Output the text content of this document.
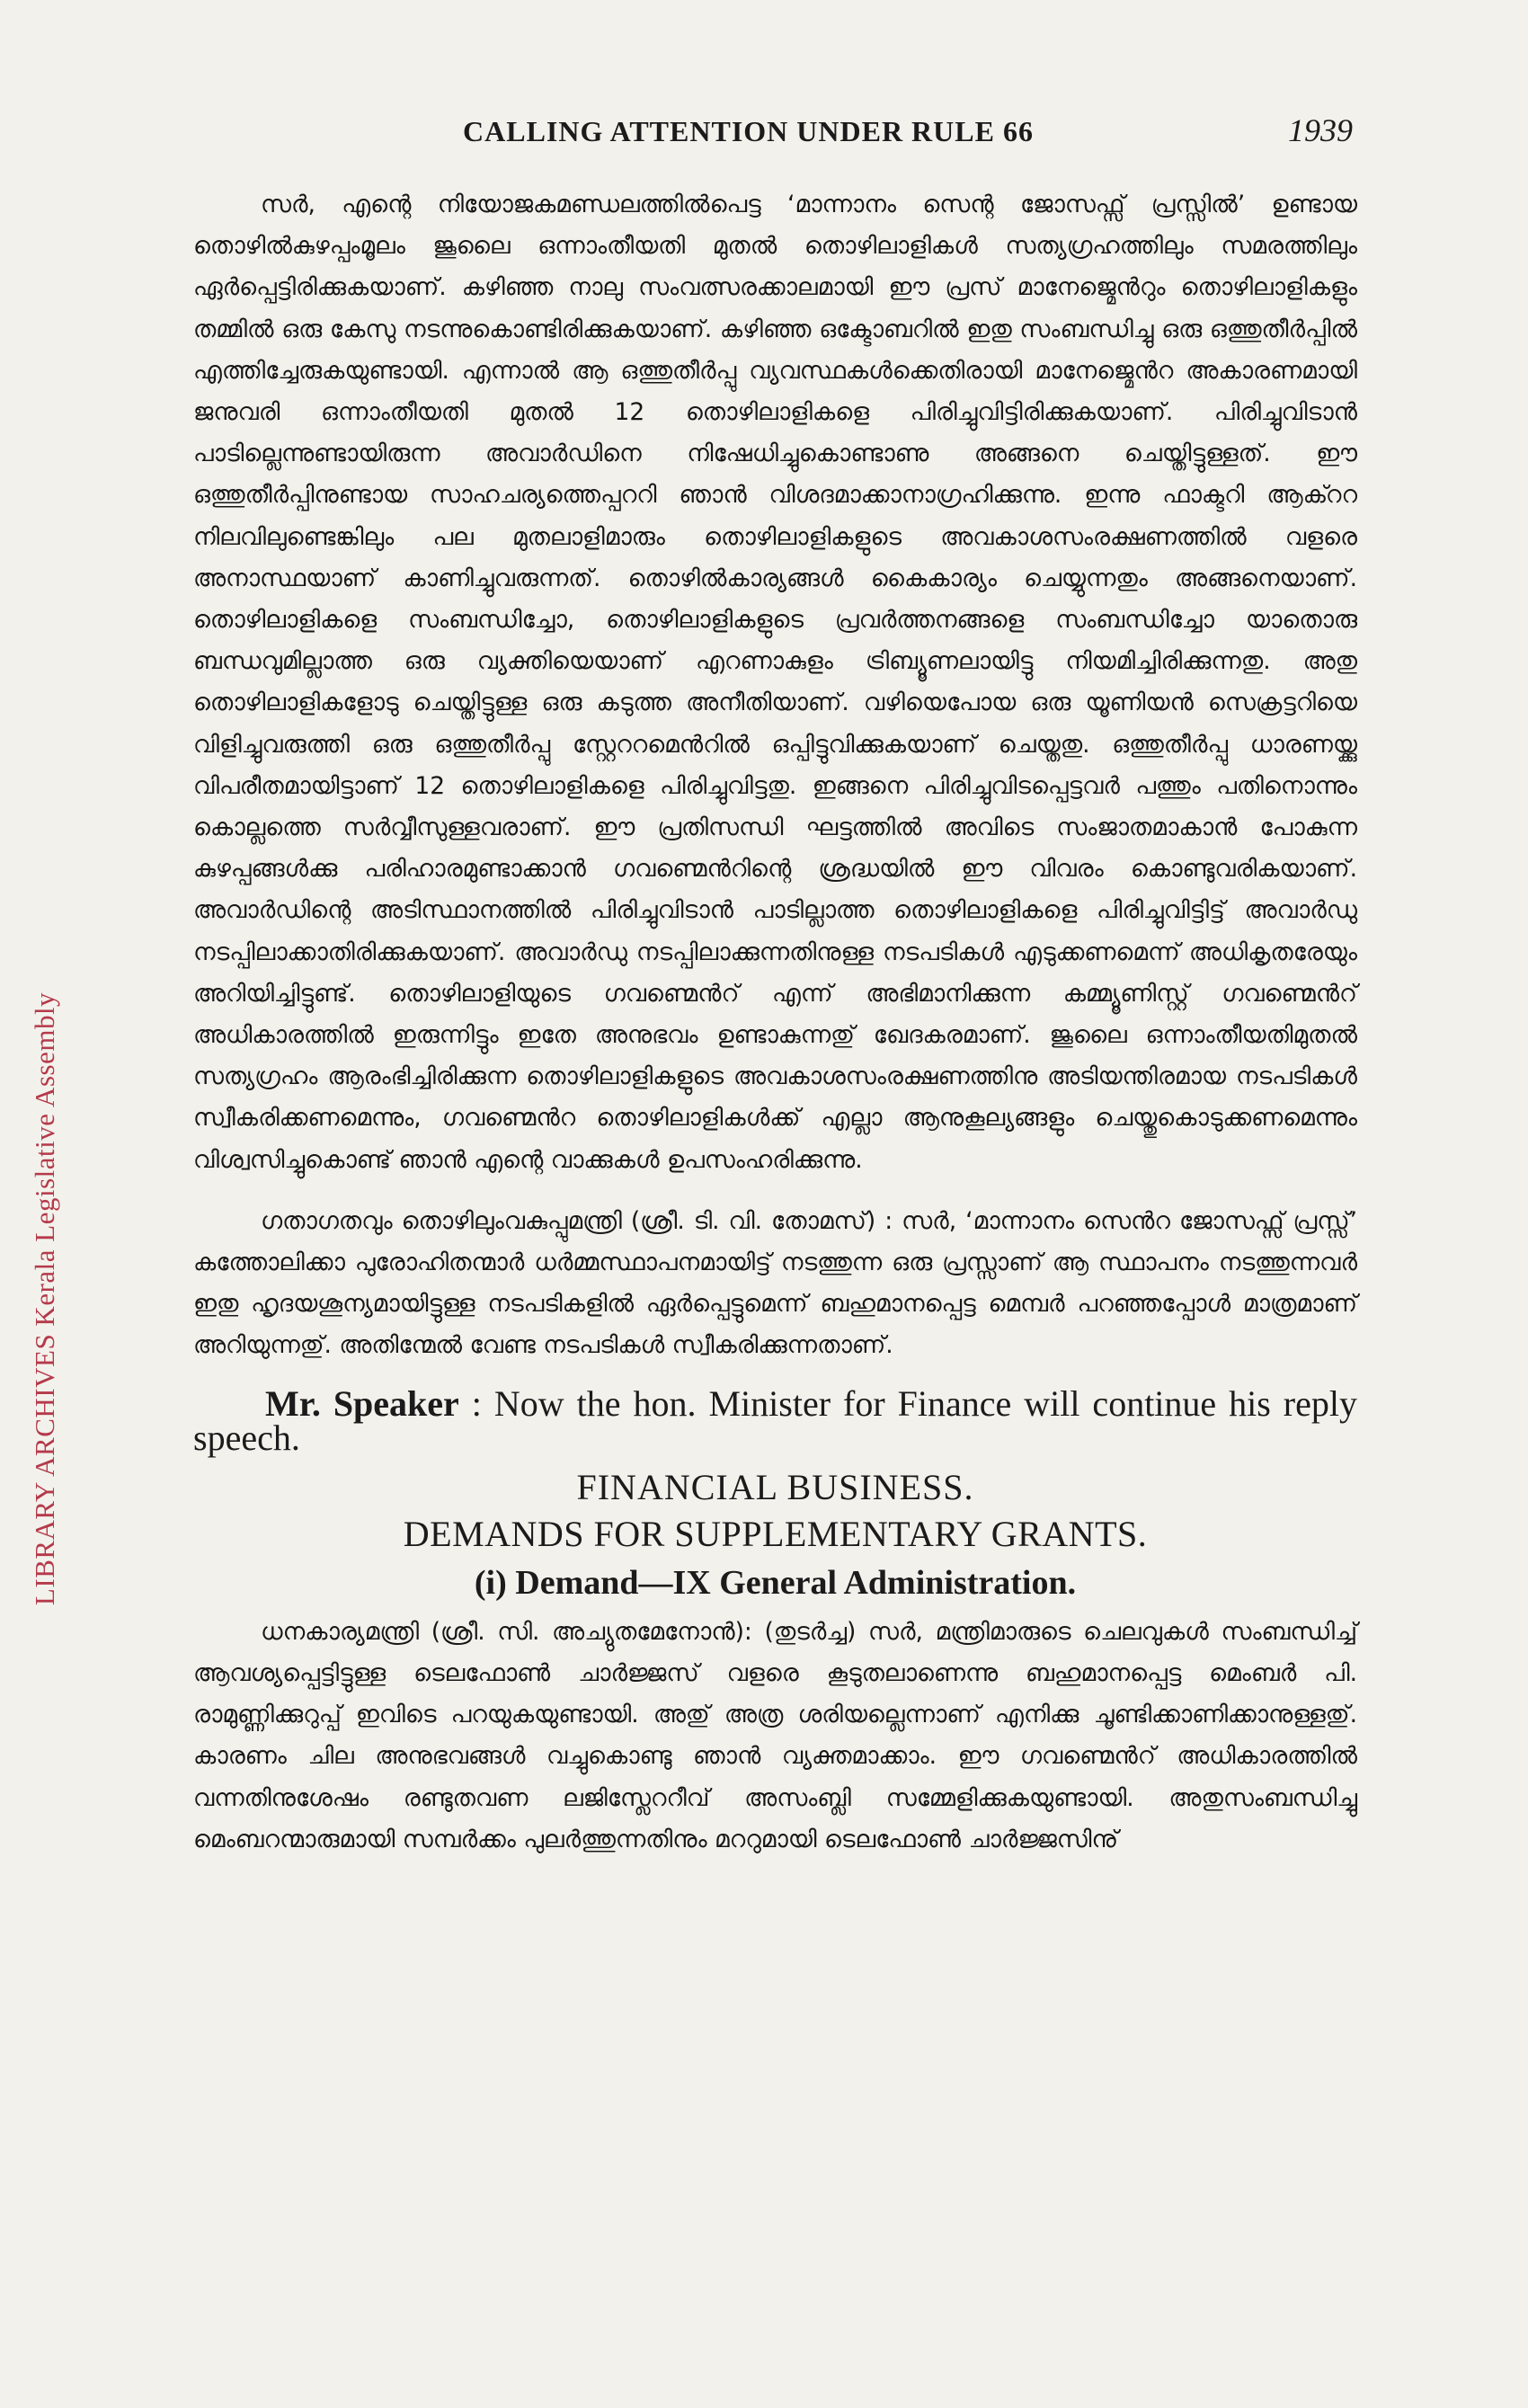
CALLING ATTENTION UNDER RULE 66	1939
LIBRARY ARCHIVES Kerala Legislative Assembly

സർ, എന്റെ നിയോജകമണ്ഡലത്തിൽപെട്ട ‘മാന്നാനം സെന്റ ജോസഫ്സ് പ്രസ്സിൽ’ ഉണ്ടായ തൊഴിൽകുഴപ്പംമൂലം ജൂലൈ ഒന്നാംതീയതി മുതൽ തൊഴിലാളികൾ സത്യഗ്രഹത്തിലും സമരത്തിലും ഏർപ്പെട്ടിരിക്കുകയാണ്. കഴിഞ്ഞ നാലു സംവത്സരക്കാലമായി ഈ പ്രസ് മാനേജ്മെൻറും തൊഴിലാളികളും തമ്മിൽ ഒരു കേസു നടന്നുകൊണ്ടിരിക്കുകയാണ്. കഴിഞ്ഞ ഒക്ടോബറിൽ ഇതു സംബന്ധിച്ചു ഒരു ഒത്തുതീർപ്പിൽ എത്തിച്ചേരുകയുണ്ടായി. എന്നാൽ ആ ഒത്തുതീർപ്പു വ്യവസ്ഥകൾക്കെതിരായി മാനേജ്മെൻറ അകാരണമായി ജനുവരി ഒന്നാംതീയതി മുതൽ 12 തൊഴിലാളികളെ പിരിച്ചുവിട്ടിരിക്കുകയാണ്. പിരിച്ചുവിടാൻ പാടില്ലെന്നുണ്ടായിരുന്ന അവാർഡിനെ നിഷേധിച്ചുകൊണ്ടാണു അങ്ങനെ ചെയ്തിട്ടുള്ളത്. ഈ ഒത്തുതീർപ്പിനുണ്ടായ സാഹചര്യത്തെപ്പററി ഞാൻ വിശദമാക്കാനാഗ്രഹിക്കുന്നു. ഇന്നു ഫാക്ടറി ആക്ററ നിലവിലുണ്ടെങ്കിലും പല മുതലാളിമാരും തൊഴിലാളികളുടെ അവകാശസംരക്ഷണത്തിൽ വളരെ അനാസ്ഥയാണ് കാണിച്ചുവരുന്നത്. തൊഴിൽകാര്യങ്ങൾ കൈകാര്യം ചെയ്യുന്നതും അങ്ങനെയാണ്. തൊഴിലാളികളെ സംബന്ധിച്ചോ, തൊഴിലാളികളുടെ പ്രവർത്തനങ്ങളെ സംബന്ധിച്ചോ യാതൊരു ബന്ധവുമില്ലാത്ത ഒരു വ്യക്തിയെയാണ് എറണാകുളം ട്രിബ്യൂണലായിട്ടു നിയമിച്ചിരിക്കുന്നതു. അതു തൊഴിലാളികളോടു ചെയ്തിട്ടുള്ള ഒരു കടുത്ത അനീതിയാണ്. വഴിയെപോയ ഒരു യൂണിയൻ സെക്രട്ടറിയെ വിളിച്ചുവരുത്തി ഒരു ഒത്തുതീർപ്പു സ്റ്റേററമെൻറിൽ ഒപ്പിട്ടുവിക്കുകയാണ് ചെയ്തതു. ഒത്തുതീർപ്പു ധാരണയ്ക്കു വിപരീതമായിട്ടാണ് 12 തൊഴിലാളികളെ പിരിച്ചുവിട്ടതു. ഇങ്ങനെ പിരിച്ചുവിടപ്പെട്ടവർ പത്തും പതിനൊന്നും കൊല്ലത്തെ സർവ്വീസുള്ളവരാണ്. ഈ പ്രതിസന്ധി ഘട്ടത്തിൽ അവിടെ സംജാതമാകാൻ പോകുന്ന കുഴപ്പങ്ങൾക്കു പരിഹാരമുണ്ടാക്കാൻ ഗവണ്മെൻറിന്റെ ശ്രദ്ധയിൽ ഈ വിവരം കൊണ്ടുവരികയാണ്. അവാർഡിന്റെ അടിസ്ഥാനത്തിൽ പിരിച്ചുവിടാൻ പാടില്ലാത്ത തൊഴിലാളികളെ പിരിച്ചുവിട്ടിട്ട് അവാർഡു നടപ്പിലാക്കാതിരിക്കുകയാണ്. അവാർഡു നടപ്പിലാക്കുന്നതിനുള്ള നടപടികൾ എടുക്കണമെന്ന് അധികൃതരേയും അറിയിച്ചിട്ടുണ്ട്. തൊഴിലാളിയുടെ ഗവണ്മെൻറ് എന്ന് അഭിമാനിക്കുന്ന കമ്മ്യൂണിസ്റ്റ് ഗവണ്മെൻറ് അധികാരത്തിൽ ഇരുന്നിട്ടും ഇതേ അനുഭവം ഉണ്ടാകുന്നതു് ഖേദകരമാണ്. ജൂലൈ ഒന്നാംതീയതിമുതൽ സത്യഗ്രഹം ആരംഭിച്ചിരിക്കുന്ന തൊഴിലാളികളുടെ അവകാശസംരക്ഷണത്തിനു അടിയന്തിരമായ നടപടികൾ സ്വീകരിക്കണമെന്നും, ഗവണ്മെൻറ തൊഴിലാളികൾക്ക് എല്ലാ ആനുകൂല്യങ്ങളും ചെയ്തുകൊടുക്കണമെന്നും വിശ്വസിച്ചുകൊണ്ട് ഞാൻ എന്റെ വാക്കുകൾ ഉപസംഹരിക്കുന്നു.

ഗതാഗതവും തൊഴിലുംവകുപ്പുമന്ത്രി (ശ്രീ. ടി. വി. തോമസ്) : സർ, ‘മാന്നാനം സെൻറ ജോസഫ്സ് പ്രസ്സ്’ കത്തോലിക്കാ പുരോഹിതന്മാർ ധർമ്മസ്ഥാപനമായിട്ട് നടത്തുന്ന ഒരു പ്രസ്സാണ് ആ സ്ഥാപനം നടത്തുന്നവർ ഇതു ഹൃദയശൂന്യമായിട്ടുള്ള നടപടികളിൽ ഏർപ്പെട്ടുമെന്ന് ബഹുമാനപ്പെട്ട മെമ്പർ പറഞ്ഞപ്പോൾ മാത്രമാണ് അറിയുന്നതു്. അതിന്മേൽ വേണ്ട നടപടികൾ സ്വീകരിക്കുന്നതാണ്.

Mr. Speaker : Now the hon. Minister for Finance will continue his reply speech.

FINANCIAL BUSINESS.

DEMANDS FOR SUPPLEMENTARY GRANTS.

(i) Demand—IX General Administration.

ധനകാര്യമന്ത്രി (ശ്രീ. സി. അച്യുതമേനോൻ): (തുടർച്ച) സർ, മന്ത്രിമാരുടെ ചെലവുകൾ സംബന്ധിച്ച് ആവശ്യപ്പെട്ടിട്ടുള്ള ടെലഫോൺ ചാർജ്ജസ് വളരെ കൂടുതലാണെന്നു ബഹുമാനപ്പെട്ട മെംബർ പി. രാമുണ്ണിക്കുറുപ്പ് ഇവിടെ പറയുകയുണ്ടായി. അതു് അത്ര ശരിയല്ലെന്നാണ് എനിക്കു ചൂണ്ടിക്കാണിക്കാനുള്ളതു്. കാരണം ചില അനുഭവങ്ങൾ വച്ചുകൊണ്ടു ഞാൻ വ്യക്തമാക്കാം. ഈ ഗവണ്മെൻറ് അധികാരത്തിൽ വന്നതിനുശേഷം രണ്ടുതവണ ലജിസ്ലേററീവ് അസംബ്ലി സമ്മേളിക്കുകയുണ്ടായി. അതുസംബന്ധിച്ചു മെംബറന്മാരുമായി സമ്പർക്കം പുലർത്തുന്നതിനും മററുമായി ടെലഫോൺ ചാർജ്ജസിനു്
